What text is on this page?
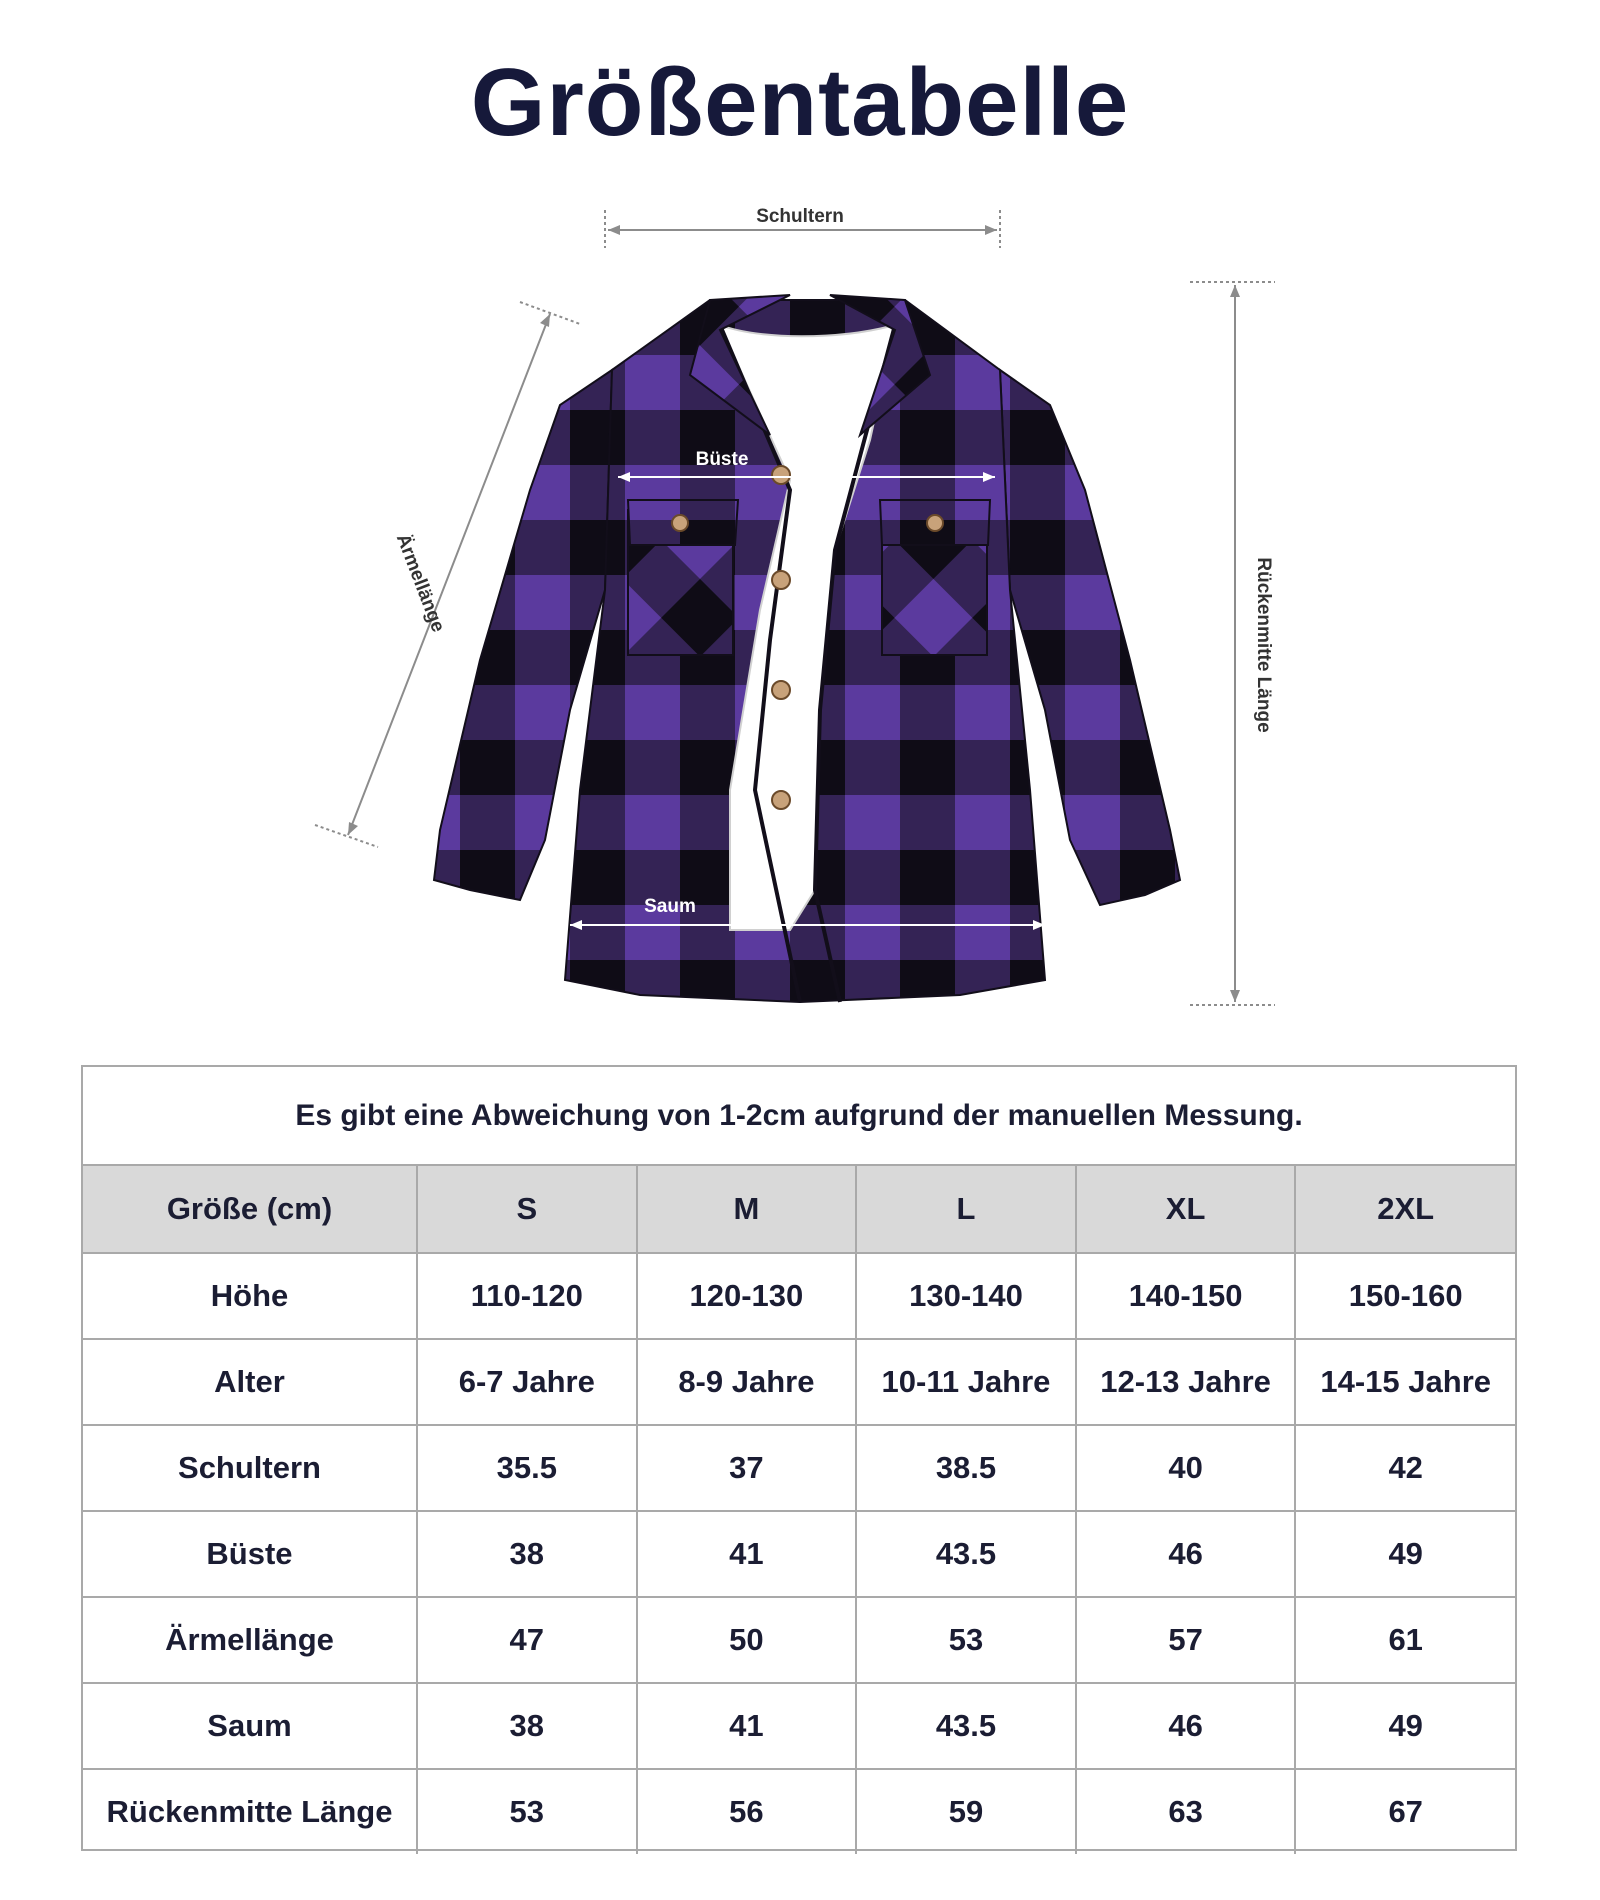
Größentabelle
Schultern
Büste
Saum
Ärmellänge	Rückenmitte Länge
Es gibt eine Abweichung von 1-2cm aufgrund der manuellen Messung.
Größe (cm)	S	M	L	XL	2XL
Höhe	110-120	120-130	130-140	140-150	150-160
Alter	6-7 Jahre	8-9 Jahre	10-11 Jahre	12-13 Jahre	14-15 Jahre
Schultern	35.5	37	38.5	40	42
Büste	38	41	43.5	46	49
Ärmellänge	47	50	53	57	61
Saum	38	41	43.5	46	49
Rückenmitte Länge	53	56	59	63	67
